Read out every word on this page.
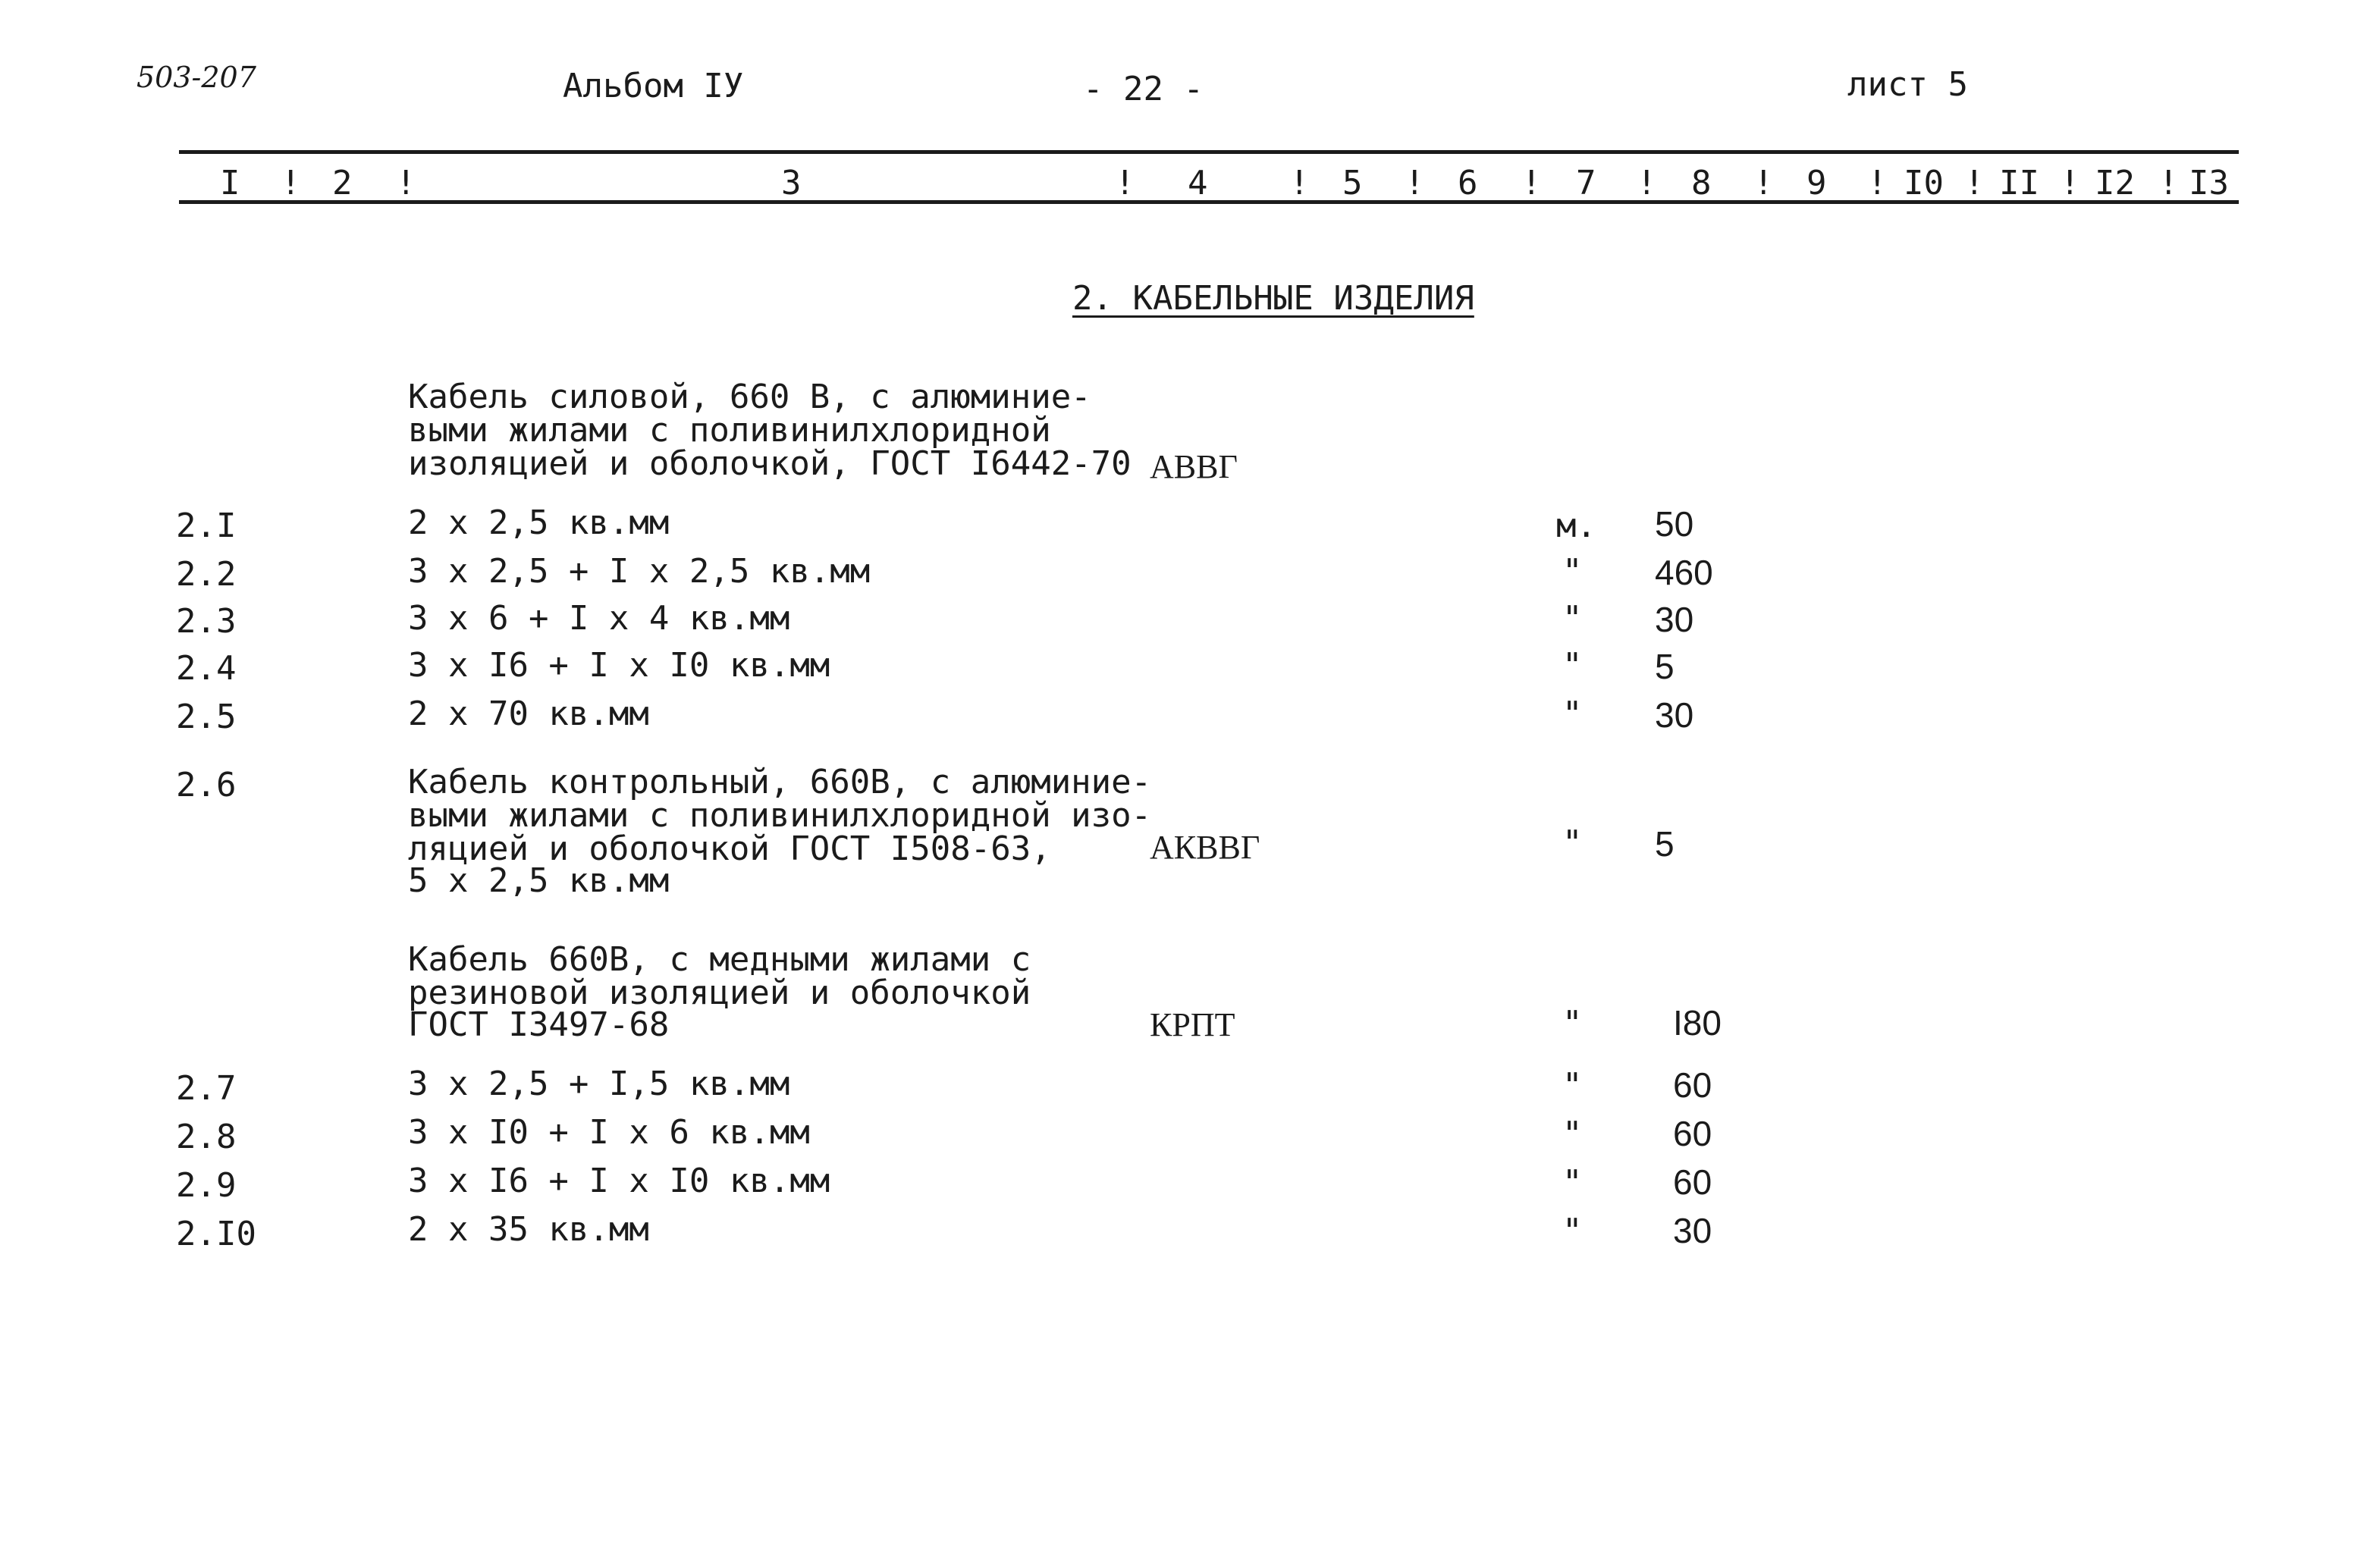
503-207	Альбом IУ	- 22 -	лист 5
I ! 2 !	3	! 4 ! 5 ! 6 ! 7 ! 8 ! 9 ! I0 ! II ! I2 ! I3
2. КАБЕЛЬНЫЕ ИЗДЕЛИЯ
Кабель силовой, 660 В, с алюминие-
выми жилами с поливинилхлоридной
изоляцией и оболочкой, ГОСТ I6442-70 АВВГ
2.I	2 x 2,5 кв.мм	м. 50
2.2	3 x 2,5 + I x 2,5 кв.мм	" 460
2.3	3 x 6 + I x 4 кв.мм	" 30
2.4	3 x I6 + I x I0 кв.мм	" 5
2.5	2 x 70 кв.мм	" 30
2.6	Кабель контрольный, 660В, с алюминие-
выми жилами с поливинилхлоридной изо-
ляцией и оболочкой ГОСТ I508-63,
5 x 2,5 кв.мм
АКВВГ	" 5
Кабель 660В, с медными жилами с
резиновой изоляцией и оболочкой
ГОСТ I3497-68	КРПТ	"	I80
2.7	3 x 2,5 + I,5 кв.мм	"	60
2.8	3 x I0 + I x 6 кв.мм	"	60
2.9	3 x I6 + I x I0 кв.мм	"	60
2.I0	2 x 35 кв.мм	"	30
